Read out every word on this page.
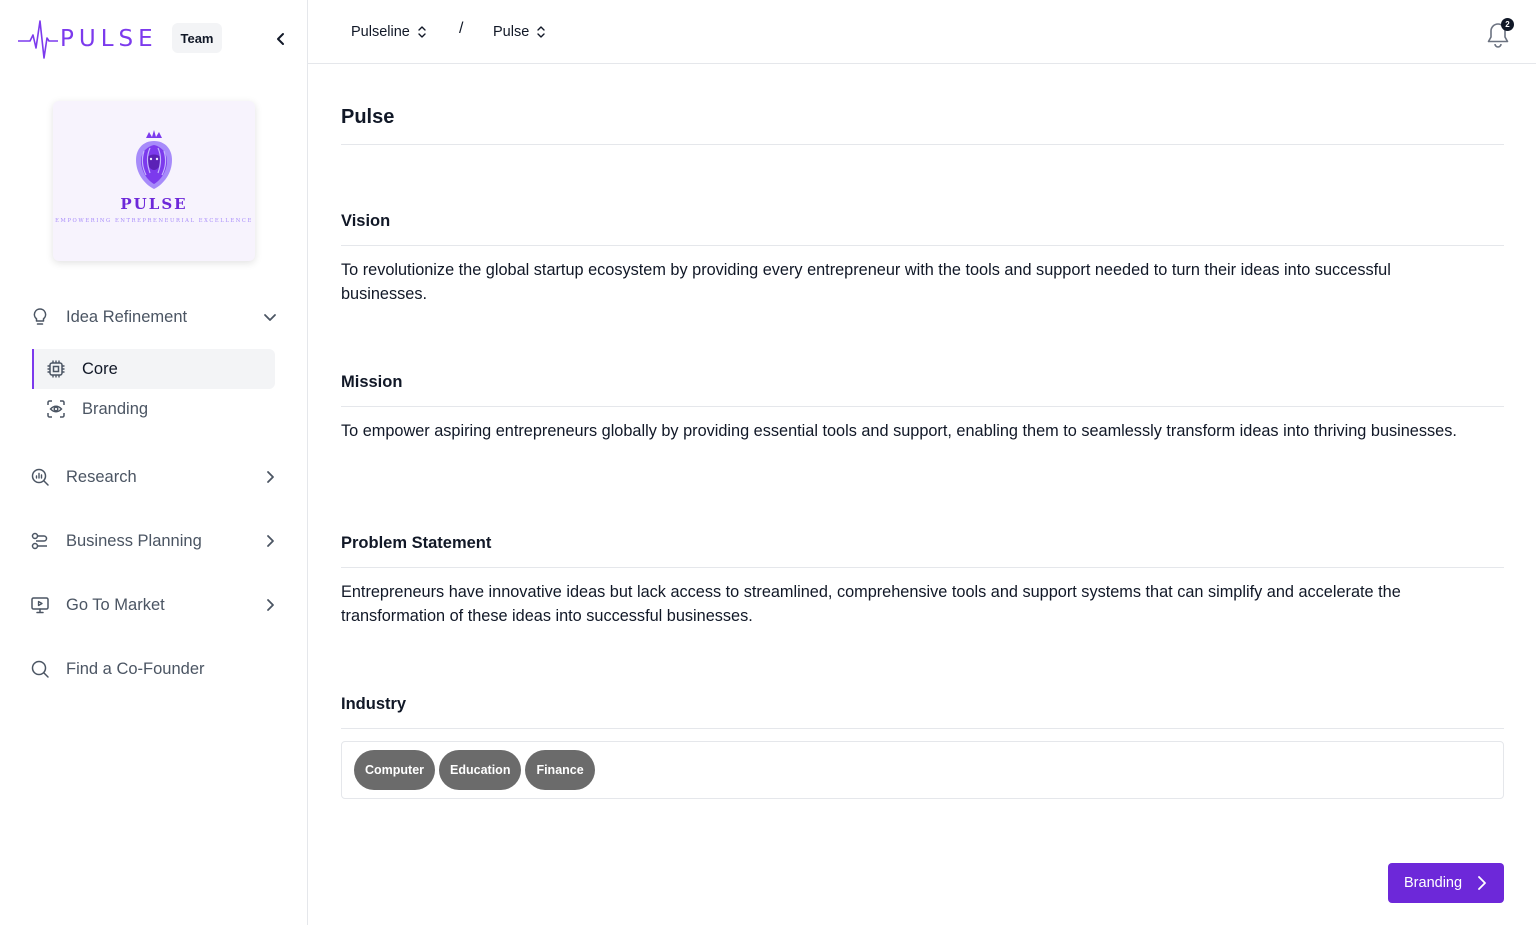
PULSE	Team
PULSE
EMPOWERING ENTREPRENEURIAL EXCELLENCE
Idea Refinement
Core
Branding
Research
Business Planning
Go To Market
Find a Co-Founder
Pulseline	/ Pulse	2
Pulse
Vision

To revolutionize the global startup ecosystem by providing every entrepreneur with the tools and support needed to turn their ideas into successful businesses.

Mission

To empower aspiring entrepreneurs globally by providing essential tools and support, enabling them to seamlessly transform ideas into thriving businesses.

Problem Statement

Entrepreneurs have innovative ideas but lack access to streamlined, comprehensive tools and support systems that can simplify and accelerate the transformation of these ideas into successful businesses.

Industry
Computer	Education	Finance
Branding
